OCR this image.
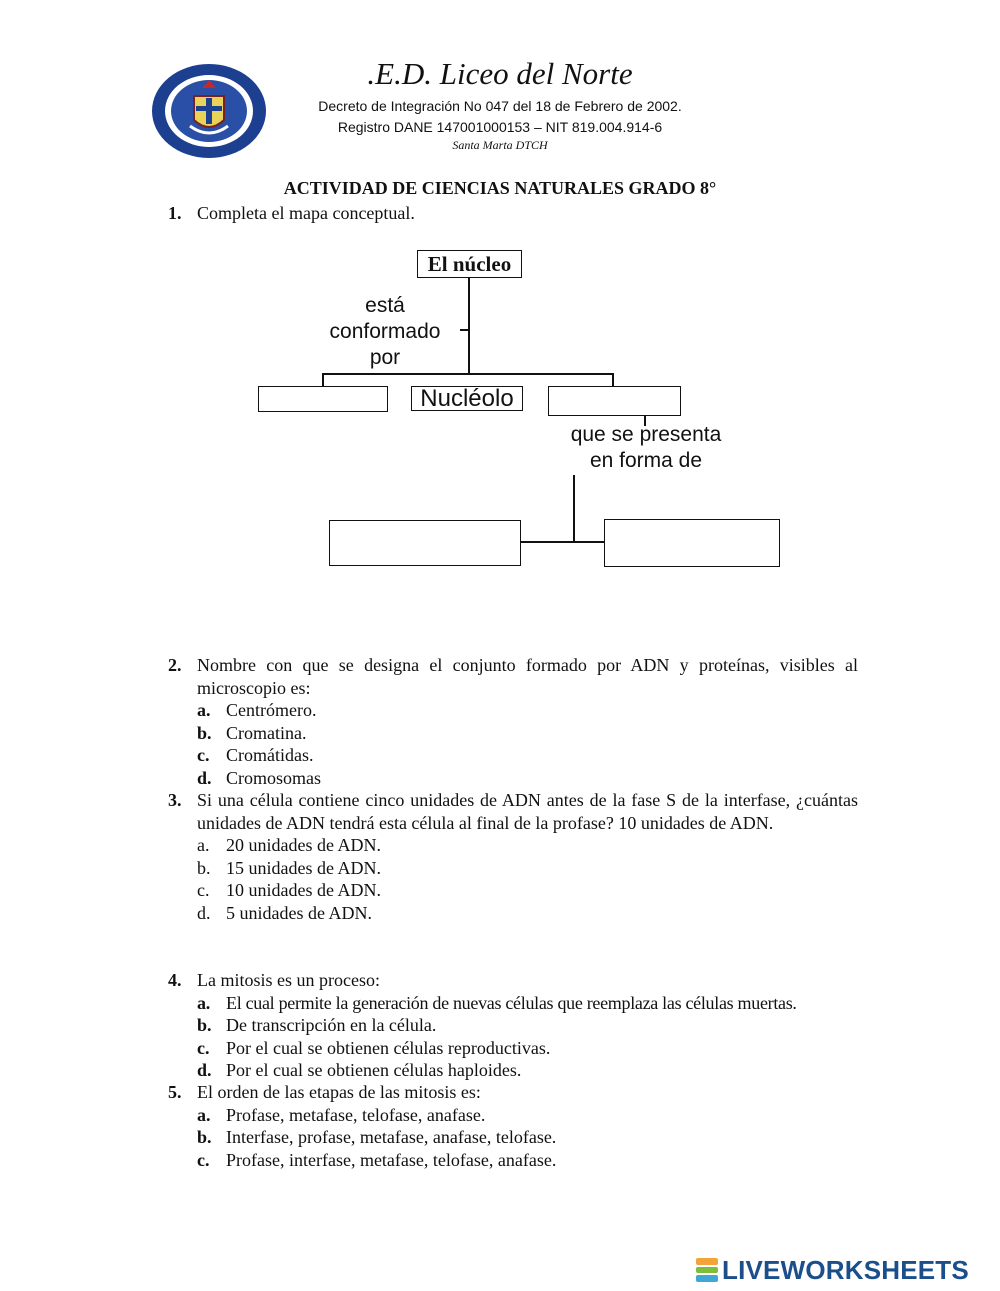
.E.D. Liceo del Norte
Decreto de Integración No 047 del 18 de Febrero de 2002.
Registro DANE 147001000153 – NIT 819.004.914-6
Santa Marta DTCH
ACTIVIDAD DE CIENCIAS NATURALES GRADO 8°
1. Completa el mapa conceptual.
El núcleo
está
conformado
por
Nucléolo
que se presenta
en forma de
2. Nombre con que se designa el conjunto formado por ADN y proteínas, visibles al microscopio es:
a. Centrómero.
b. Cromatina.
c. Cromátidas.
d. Cromosomas
3. Si una célula contiene cinco unidades de ADN antes de la fase S de la interfase, ¿cuántas unidades de ADN tendrá esta célula al final de la profase? 10 unidades de ADN.
a. 20 unidades de ADN.
b. 15 unidades de ADN.
c. 10 unidades de ADN.
d. 5 unidades de ADN.
4. La mitosis es un proceso:
a. El cual permite la generación de nuevas células que reemplaza las células muertas.
b. De transcripción en la célula.
c. Por el cual se obtienen células reproductivas.
d. Por el cual se obtienen células haploides.
5. El orden de las etapas de las mitosis es:
a. Profase, metafase, telofase, anafase.
b. Interfase, profase, metafase, anafase, telofase.
c. Profase, interfase, metafase, telofase, anafase.
LIVEWORKSHEETS
